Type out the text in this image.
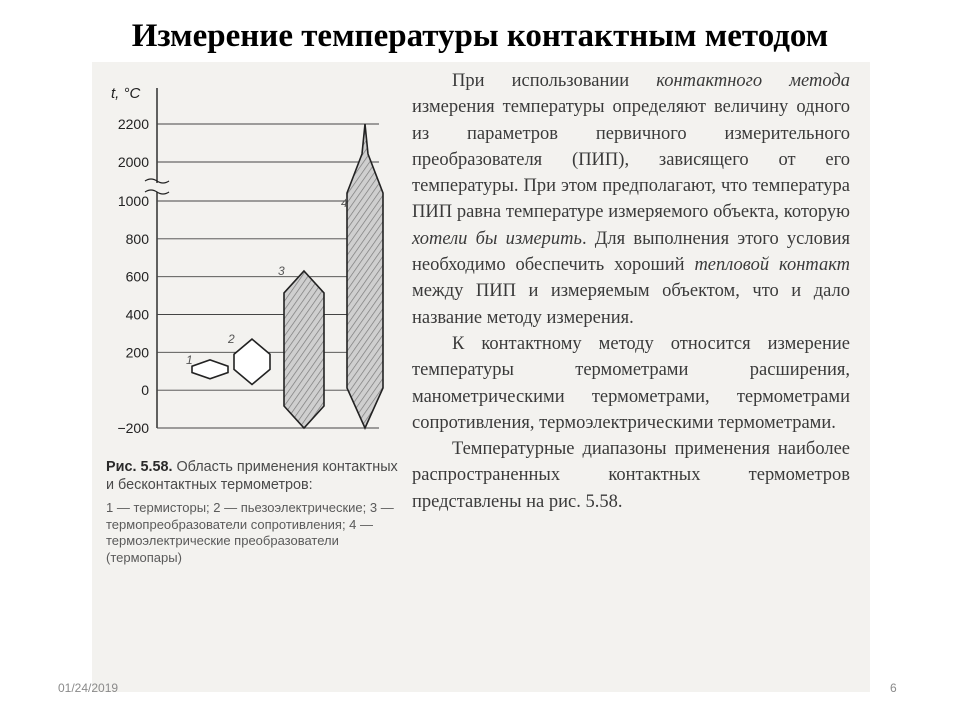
Измерение температуры контактным методом
t, °C
−200
0
200
400
600
800
1000
2000
2200
1
2
3
4
Рис. 5.58. Область применения контактных и бесконтактных термометров:
1 — термисторы; 2 — пьезоэлектрические; 3 — термопреобразователи сопротивления; 4 — термоэлектрические преобразователи (термопары)

При использовании контактного метода измерения температуры определяют величину одного из параметров первичного измерительного преобразователя (ПИП), зависящего от его температуры. При этом предполагают, что температура ПИП равна температуре измеряемого объекта, которую хотели бы измерить. Для выполнения этого условия необходимо обеспечить хороший тепловой контакт между ПИП и измеряемым объектом, что и дало название методу измерения.

К контактному методу относится измерение температуры термометрами расширения, манометрическими термометрами, термометрами сопротивления, термоэлектрическими термометрами.

Температурные диапазоны применения наиболее распространенных контактных термометров представлены на рис. 5.58.

01/24/2019	6
